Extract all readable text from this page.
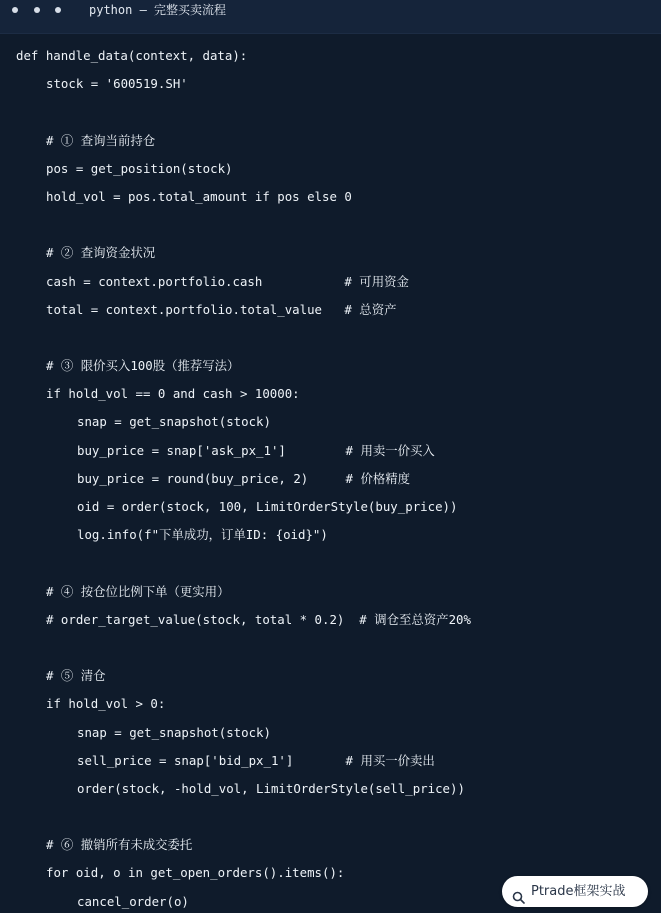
python – 完整买卖流程
def handle_data(context, data):
stock = '600519.SH'
# ① 查询当前持仓
pos = get_position(stock)
hold_vol = pos.total_amount if pos else 0
# ② 查询资金状况
cash = context.portfolio.cash           # 可用资金
total = context.portfolio.total_value   # 总资产
# ③ 限价买入100股（推荐写法）
if hold_vol == 0 and cash > 10000:
snap = get_snapshot(stock)
buy_price = snap['ask_px_1']        # 用卖一价买入
buy_price = round(buy_price, 2)     # 价格精度
oid = order(stock, 100, LimitOrderStyle(buy_price))
log.info(f"下单成功，订单ID: {oid}")
# ④ 按仓位比例下单（更实用）
# order_target_value(stock, total * 0.2)  # 调仓至总资产20%
# ⑤ 清仓
if hold_vol > 0:
snap = get_snapshot(stock)
sell_price = snap['bid_px_1']       # 用买一价卖出
order(stock, -hold_vol, LimitOrderStyle(sell_price))
# ⑥ 撤销所有未成交委托
for oid, o in get_open_orders().items():
cancel_order(o)
Ptrade框架实战
